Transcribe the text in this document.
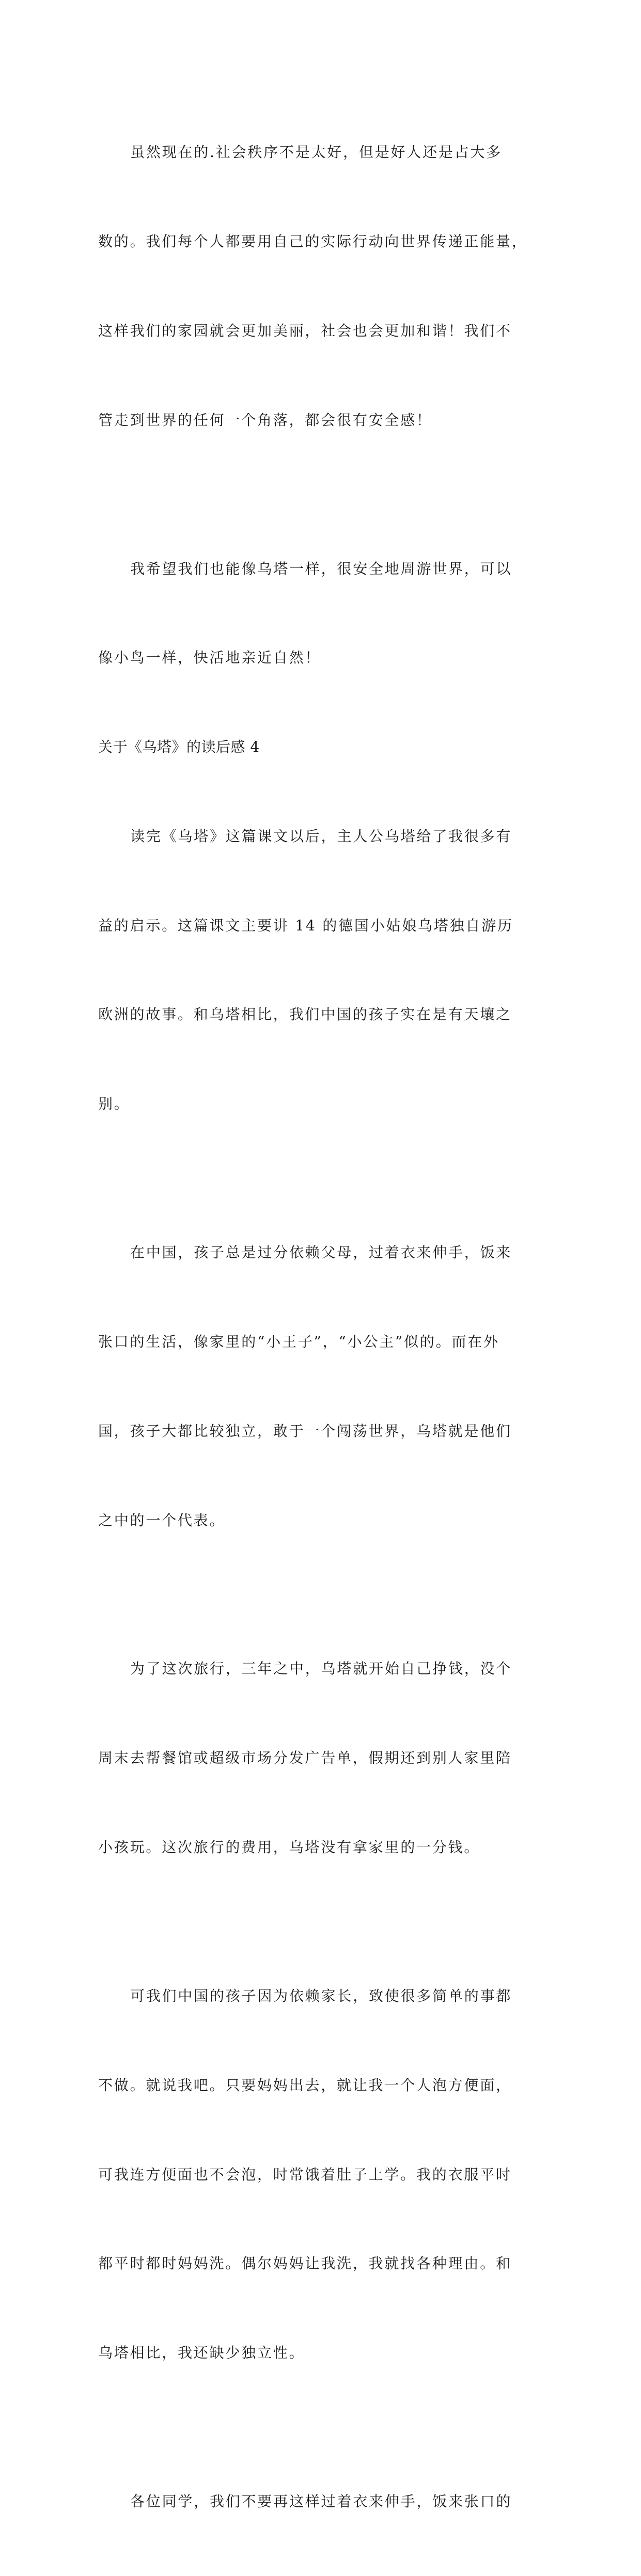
虽然现在的.社会秩序不是太好，但是好人还是占大多

数的。我们每个人都要用自己的实际行动向世界传递正能量，

这样我们的家园就会更加美丽，社会也会更加和谐！我们不

管走到世界的任何一个角落，都会很有安全感！

我希望我们也能像乌塔一样，很安全地周游世界，可以

像小鸟一样，快活地亲近自然！

关于《乌塔》的读后感 4

读完《乌塔》这篇课文以后，主人公乌塔给了我很多有

益的启示。这篇课文主要讲 14 的德国小姑娘乌塔独自游历

欧洲的故事。和乌塔相比，我们中国的孩子实在是有天壤之

别。

在中国，孩子总是过分依赖父母，过着衣来伸手，饭来

张口的生活，像家里的“小王子”，“小公主”似的。而在外

国，孩子大都比较独立，敢于一个闯荡世界，乌塔就是他们

之中的一个代表。

为了这次旅行，三年之中，乌塔就开始自己挣钱，没个

周末去帮餐馆或超级市场分发广告单，假期还到别人家里陪

小孩玩。这次旅行的费用，乌塔没有拿家里的一分钱。

可我们中国的孩子因为依赖家长，致使很多简单的事都

不做。就说我吧。只要妈妈出去，就让我一个人泡方便面，

可我连方便面也不会泡，时常饿着肚子上学。我的衣服平时

都平时都时妈妈洗。偶尔妈妈让我洗，我就找各种理由。和

乌塔相比，我还缺少独立性。

各位同学，我们不要再这样过着衣来伸手，饭来张口的
